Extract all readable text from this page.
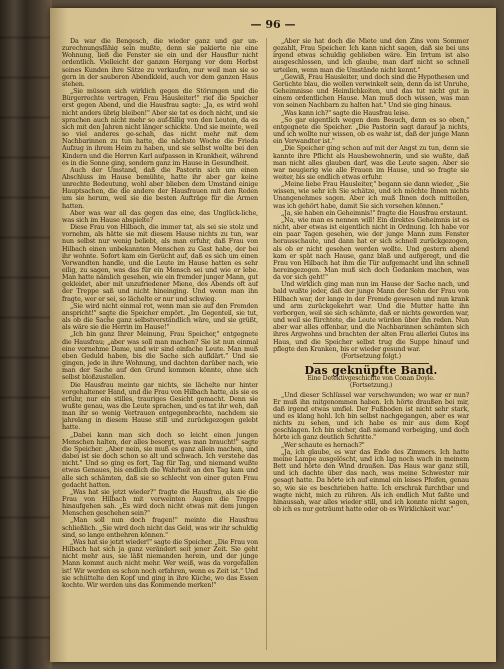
— 96 —

Da war die Bengesch, die wieder ganz und gar un-zurechnungsfähig sein mußte, denn sie pakierte nie eine Wohnung, ließ die Fenster sie ein und der Hausflur nicht ordentlich. Vielleicht der ganzen Hergang vor dem Herbst seines Kunden ihre Sätze zu verkaufen, nur weil man sie so gern in der sauberen Abendkleid, auch vor dem ganzen Haus stehen.

„Sie müssen sich wirklich gegen die Störungen und die Bürgerrechte vertragen, Frau Hausleiter!" rief die Speicher erst gegen Abend, und die Hausfrau sagte: „Ja, es wird wohl nicht anders übrig bleiben!" Aber sie tat es doch nicht, und sie sprachen auch nicht mehr so auf-fällig von den Leuten, da es sich mit den Jahren nicht länger schickte. Und sie meinte, weil so viel anderes ge-schah, das nicht mehr mit dem Nachbarinnen zu tun hatte, die nächste Woche die Frieda Aufzug in ihrem Heim zu haben, und sie selbst wollte bei den Kindern und die Herren Karl aufpassen in Krankheit, während es in die Sonne ging, sondern ganz im Hause in Gesundheit.

Auch der Umstand, daß die Pastorin sich um einen Abschluss im Hause bemühte, hatte ihr aber gar keine unrechte Bedeutung, wohl aber blieben dem Umstand einige Hauptsachen, die die andere der Hausfrauen mit den Reden um sie herum, weil sie die besten Aufträge für die Armen hatten.

Aber was war all das gegen das eine, das Unglück-liche, was sich im Hause abspielte?

Diese Frau von Hilbach, die immer tat, als sei sie stolz und vornehm, als hätte sie mit diesem Hause nichts zu tun, war nun selbst nur wenig beliebt, als man erfuhr, daß Frau von Hilbach einen unbekannten Menschen zu Gast habe, der bei ihr wohnte. Sofort kam ein Gerücht auf, daß es sich um einen Verwandten handle, und die Leute im Hause hatten es sehr eilig, zu sagen, was das für ein Mensch sei und wie er lebe. Man hatte nämlich gesehen, wie ein fremder junger Mann, gut gekleidet, aber mit unzufriedener Miene, des Abends oft auf der Treppe saß und nicht hineinging. Und wenn man ihn fragte, wer er sei, so lächelte er nur und schwieg.

„Sie wird nicht einmal rot, wenn man sie auf den Fremden anspricht!" sagte die Speicher empört. „Im Gegenteil, sie tut, als ob die Sache ganz selbstverständlich wäre, und sie grüßt, als wäre sie die Herrin im Hause!"

„Ich bin ganz Ihrer Meinung, Frau Speicher," entgegnete die Hausfrau; „aber was soll man machen? Sie ist nun einmal eine vornehme Dame, und wir sind einfache Leute. Man muß eben Geduld haben, bis die Sache sich aufklärt." Und sie gingen, jede in ihre Wohnung, und dachten darüber nach, wie man der Sache auf den Grund kommen könnte, ohne sich selbst bloßzustellen.

Die Hausfrau meinte gar nichts, sie lächelte nur hinter vorgehaltener Hand, und die Frau von Hilbach hatte, als sie es erfuhr, nur ein stilles, trauriges Gesicht gemacht. Denn sie wußte genau, was die Leute sprachen, und es tat ihr weh, daß man ihr so wenig Vertrauen entgegenbrachte, nachdem sie jahrelang in diesem Hause still und zurückgezogen gelebt hatte.

„Dabei kann man sich doch so leicht einen jungen Menschen halten, der alles besorgt, was man braucht!" sagte die Speicher. „Aber nein, sie muß es ganz allein machen, und dabei ist sie doch schon so alt und schwach. Ich verstehe das nicht." Und so ging es fort, Tag für Tag, und niemand wußte etwas Genaues, bis endlich die Wahrheit an den Tag kam und alle sich schämten, daß sie so schlecht von einer guten Frau gedacht hatten.

„Was hat sie jetzt wieder?" fragte die Hausfrau, als sie die Frau von Hilbach mit verweinten Augen die Treppe hinaufgehen sah. „Es wird doch nicht etwas mit dem jungen Menschen geschehen sein?"

„Man soll nun doch fragen!" meinte die Hausfrau schließlich. „Sie wird doch nicht das Geld, was wir ihr schuldig sind, so lange entbehren können."

„Was hat sie jetzt wieder!" sagte die Speicher. „Die Frau von Hilbach hat sich ja ganz verändert seit jener Zeit. Sie geht nicht mehr aus, sie läßt niemanden herein, und der junge Mann kommt auch nicht mehr. Wer weiß, was da vorgefallen ist! Wir werden es schon noch erfahren, wenn es Zeit ist." Und sie schüttelte den Kopf und ging in ihre Küche, wo das Essen kochte. Wir werden uns das Kommende merken!"

„Aber sie hat doch die Miete und den Zins vom Sommer gezahlt, Frau Speicher. Ich kann nicht sagen, daß sie bei uns irgend etwas schuldig geblieben wäre. Ein Irrtum ist also ausgeschlossen, und ich glaube, man darf nicht so schnell urteilen, wenn man die Umstände nicht kennt."

„Gewiß, Frau Hausleiter, und doch sind die Hypothesen und Gerüchte blau, die wollen verwinkelt sein, denn da ist Unruhe, Geheimnisse und Heimlichkeiten, und das tut nicht gut in einem ordentlichen Hause. Man muß doch wissen, was man von seinen Nachbarn zu halten hat." Und sie ging hinaus.

„Was kann ich?" sagte die Hausfrau leise.

„So gar eigentlich wegen dem Besuch, denn es so eben," entgegnete die Speicher. „Die Pastorin sagt darauf ja nichts, und ich wollte nur wissen, ob es wahr ist, daß der junge Mann ein Verwandter ist."

„Die Speicher ging schon auf mit der Angst zu tun, denn sie kannte ihre Pflicht als Hausbewohnerin, und sie wußte, daß man nicht alles glauben darf, was die Leute sagen. Aber sie war neugierig wie alle Frauen im Hause, und so fragte sie weiter, bis sie endlich etwas erfuhr.

„Meine liebe Frau Hausleiter," begann sie dann wieder, „Sie wissen, wie sehr ich Sie schätze, und ich möchte Ihnen nichts Unangenehmes sagen. Aber ich muß Ihnen doch mitteilen, was ich gehört habe, damit Sie sich vorsehen können."

„Ja, sie haben ein Geheimnis!" fragte die Hausfrau erstaunt.

„Na, wie man es nennen will! Ein direktes Geheimnis ist es nicht, aber etwas ist eigentlich nicht in Ordnung. Ich habe vor ein paar Tagen gesehen, wie der junge Mann zum Fenster herausschaute, und dann hat er sich schnell zurückgezogen, als ob er nicht gesehen werden wollte. Und gestern abend kam er spät nach Hause, ganz blaß und aufgeregt, und die Frau von Hilbach hat ihm die Tür aufgemacht und ihn schnell hereingezogen. Man muß sich doch Gedanken machen, was da vor sich geht!"

Und wirklich ging man nun im Hause der Sache nach, und bald wußte jeder, daß der junge Mann der Sohn der Frau von Hilbach war, der lange in der Fremde gewesen und nun krank und arm zurückgekehrt war. Und die Mutter hatte ihn verborgen, weil sie sich schämte, daß er nichts geworden war, und weil sie fürchtete, die Leute würden über ihn reden. Nun aber war alles offenbar, und die Nachbarinnen schämten sich ihres Argwohns und brachten der alten Frau allerlei Gutes ins Haus, und die Speicher selbst trug die Suppe hinauf und pflegte den Kranken, bis er wieder gesund war.

(Fortsetzung folgt.)

Das geknüpfte Band.
Eine Detektivgeschichte von Conan Doyle.
(Fortsetzung.)

„Und dieser Schlüssel war verschwunden; wo war er nun? Er muß ihn mitgenommen haben. Ich hörte draußen bei mir, daß irgend etwas umfiel. Der Fußboden ist nicht sehr stark, und es klang hohl. Ich bin selbst nachgegangen, aber es war nichts zu sehen, und ich habe es mir aus dem Kopf geschlagen. Ich bin sicher, daß niemand vorbeiging, und doch hörte ich ganz deutlich Schritte."

„Wer schaute es hernach?"

„Ja, ich glaube, es war das Ende des Zimmers. Ich hatte meine Lampe ausgelöscht, und ich lag noch wach in meinem Bett und hörte den Wind draußen. Das Haus war ganz still, und ich dachte über das nach, was meine Schwester mir gesagt hatte. Da hörte ich auf einmal ein leises Pfeifen, genau so, wie sie es beschrieben hatte. Ich erschrak furchtbar und wagte nicht, mich zu rühren. Als ich endlich Mut faßte und hinaussah, war alles wieder still, und ich konnte nicht sagen, ob ich es nur geträumt hatte oder ob es Wirklichkeit war."
